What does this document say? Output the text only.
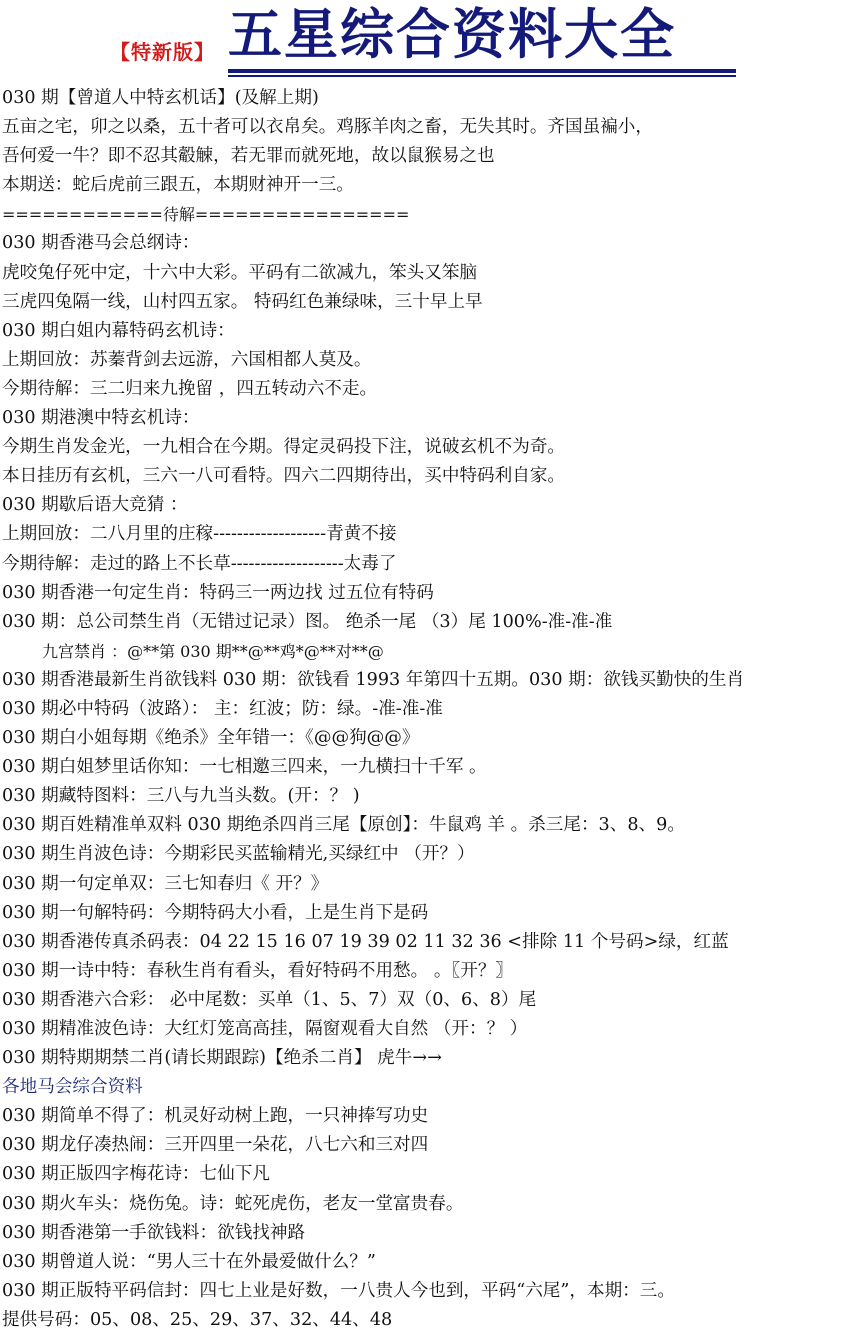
【特新版】 五星综合资料大全
030 期【曾道人中特玄机话】(及解上期)
五亩之宅，卯之以桑，五十者可以衣帛矣。鸡豚羊肉之畜，无失其时。齐国虽褊小，
吾何爱一牛？即不忍其觳觫，若无罪而就死地，故以鼠猴易之也
本期送：蛇后虎前三跟五，本期财神开一三。
============待解================
030 期香港马会总纲诗：
虎咬兔仔死中定，十六中大彩。平码有二欲减九，笨头又笨脑
三虎四兔隔一线，山村四五家。 特码红色兼绿味，三十早上早
030 期白姐内幕特码玄机诗：
上期回放：苏蓁背剑去远游，六国相都人莫及。
今期待解：三二归来九挽留 ，四五转动六不走。
030 期港澳中特玄机诗：
今期生肖发金光，一九相合在今期。得定灵码投下注，说破玄机不为奇。
本日挂历有玄机，三六一八可看特。四六二四期待出，买中特码利自家。
030 期歇后语大竞猜 ：
上期回放：二八月里的庄稼-------------------青黄不接
今期待解：走过的路上不长草-------------------太毒了
030 期香港一句定生肖：特码三一两边找 过五位有特码
030 期：总公司禁生肖（无错过记录）图。 绝杀一尾 （3）尾 100%-准-准-准
九宫禁肖 ：@**第 030 期**@**鸡*@**对**@
030 期香港最新生肖欲钱料 030 期：欲钱看 1993 年第四十五期。030 期：欲钱买勤快的生肖
030 期必中特码（波路）： 主：红波；防：绿。-准-准-准
030 期白小姐每期《绝杀》全年错一：《@@狗@@》
030 期白姐梦里话你知：一七相邀三四来，一九横扫十千军 。
030 期藏特图料：三八与九当头数。(开：？ )
030 期百姓精准单双料 030 期绝杀四肖三尾【原创】：牛鼠鸡 羊 。杀三尾：3、8、9。
030 期生肖波色诗：今期彩民买蓝输精光,买绿红中 （开？）
030 期一句定单双：三七知春归《 开？》
030 期一句解特码：今期特码大小看，上是生肖下是码
030 期香港传真杀码表：04 22 15 16 07 19 39 02 11 32 36 <排除 11 个号码>绿，红蓝
030 期一诗中特：春秋生肖有看头，看好特码不用愁。 。〖开？〗
030 期香港六合彩： 必中尾数：买单（1、5、7）双（0、6、8）尾
030 期精准波色诗：大红灯笼高高挂，隔窗观看大自然 （开：？ ）
030 期特期期禁二肖(请长期跟踪)【绝杀二肖】 虎牛→→
各地马会综合资料
030 期简单不得了：机灵好动树上跑，一只神捧写功史
030 期龙仔凑热闹：三开四里一朵花，八七六和三对四
030 期正版四字梅花诗：七仙下凡
030 期火车头：烧伤兔。诗：蛇死虎伤，老友一堂富贵春。
030 期香港第一手欲钱料：欲钱找神路
030 期曾道人说：“男人三十在外最爱做什么？”
030 期正版特平码信封：四七上业是好数，一八贵人今也到，平码“六尾”，本期：三。
提供号码：05、08、25、29、37、32、44、48
